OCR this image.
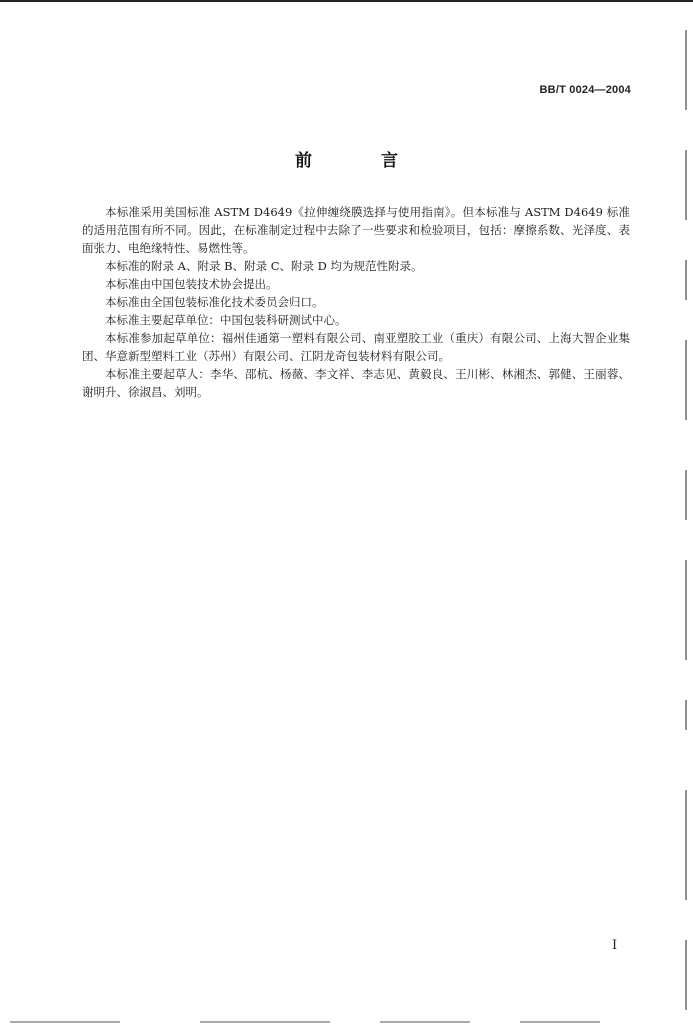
BB/T 0024—2004
前　言

本标准采用美国标准 ASTM D4649《拉伸缠绕膜选择与使用指南》。但本标准与 ASTM D4649 标准的适用范围有所不同。因此，在标准制定过程中去除了一些要求和检验项目，包括：摩擦系数、光泽度、表面张力、电绝缘特性、易燃性等。

本标准的附录 A、附录 B、附录 C、附录 D 均为规范性附录。

本标准由中国包装技术协会提出。

本标准由全国包装标准化技术委员会归口。

本标准主要起草单位：中国包装科研测试中心。

本标准参加起草单位：福州佳通第一塑料有限公司、南亚塑胶工业（重庆）有限公司、上海大智企业集团、华意新型塑料工业（苏州）有限公司、江阴龙奇包装材料有限公司。

本标准主要起草人：李华、邵杭、杨薇、李文祥、李志见、黄毅良、王川彬、林湘杰、郭健、王丽蓉、谢明升、徐淑昌、刘明。

I
